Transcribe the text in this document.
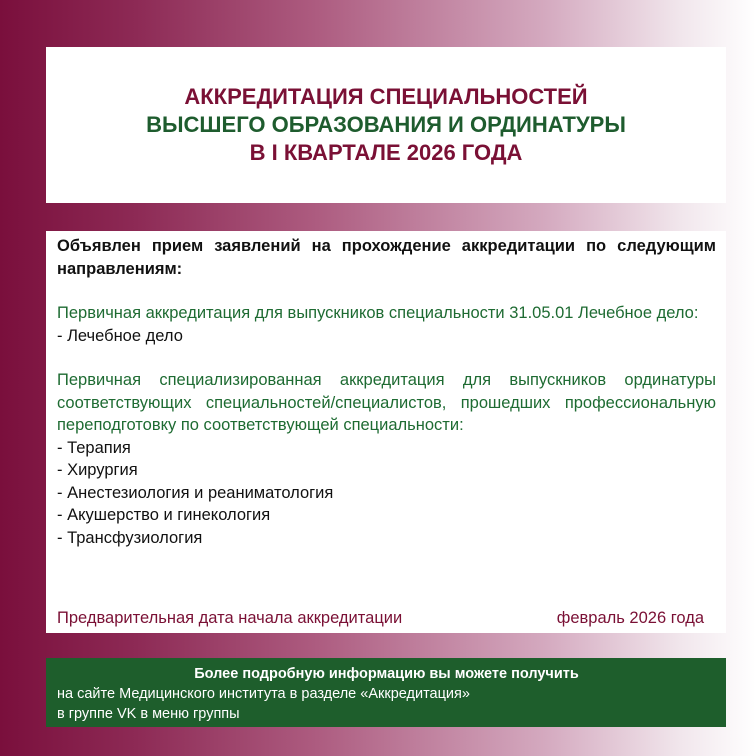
АККРЕДИТАЦИЯ СПЕЦИАЛЬНОСТЕЙ
ВЫСШЕГО ОБРАЗОВАНИЯ И ОРДИНАТУРЫ
В I КВАРТАЛЕ 2026 ГОДА

Объявлен прием заявлений на прохождение аккредитации по следующим направлениям:

Первичная аккредитация для выпускников специальности 31.05.01 Лечебное дело:

- Лечебное дело

Первичная специализированная аккредитация для выпускников ординатуры соответствующих специальностей/специалистов, прошедших профессиональную переподготовку по соответствующей специальности:

- Терапия
- Хирургия
- Анестезиология и реаниматология
- Акушерство и гинекология
- Трансфузиология
Предварительная дата начала аккредитации	февраль 2026 года
Более подробную информацию вы можете получить
на сайте Медицинского института в разделе «Аккредитация»
в группе VK в меню группы
